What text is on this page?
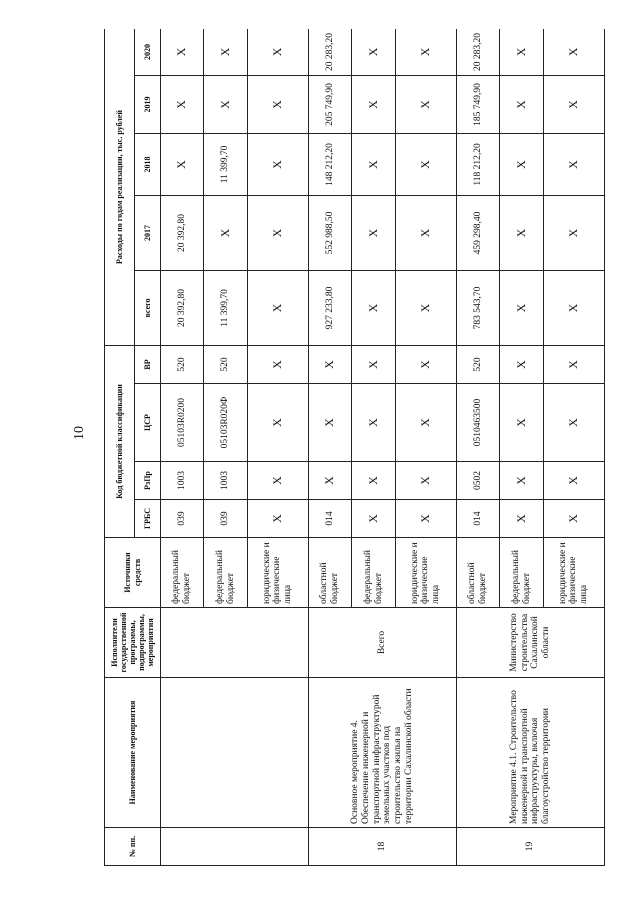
10
№ пп.	Наименование мероприятия	Исполнители государственной программы, подпрограммы, мероприятия	Источники средств	Код бюджетной классификации				Расходы по годам реализации, тыс. рублей				
				ГРБС	РзПр	ЦСР	ВР	всего	2017	2018	2019	2020
			федеральный бюджет	039	1003	05103R0200	520	20 392,80	20 392,80	Х	Х	Х
			федеральный бюджет	039	1003	05103R020Ф	520	11 399,70	Х	11 399,70	Х	Х
			юридические и физические лица	Х	Х	Х	Х	Х	Х	Х	Х	Х
18	Основное мероприятие 4. Обеспечение инженерной и транспортной инфраструктурой земельных участков под строительство жилья на территории Сахалинской области	Всего	областной бюджет	014	Х	Х	Х	927 233,80	552 988,50	148 212,20	205 749,90	20 283,20
			федеральный бюджет	Х	Х	Х	Х	Х	Х	Х	Х	Х
			юридические и физические лица	Х	Х	Х	Х	Х	Х	Х	Х	Х
19	Мероприятие 4.1. Строительство инженерной и транспортной инфраструктуры, включая благоустройство территории	Министерство строительства Сахалинской области	областной бюджет	014	0502	0510463500	520	783 543,70	459 298,40	118 212,20	185 749,90	20 283,20
			федеральный бюджет	Х	Х	Х	Х	Х	Х	Х	Х	Х
			юридические и физические лица	Х	Х	Х	Х	Х	Х	Х	Х	Х
